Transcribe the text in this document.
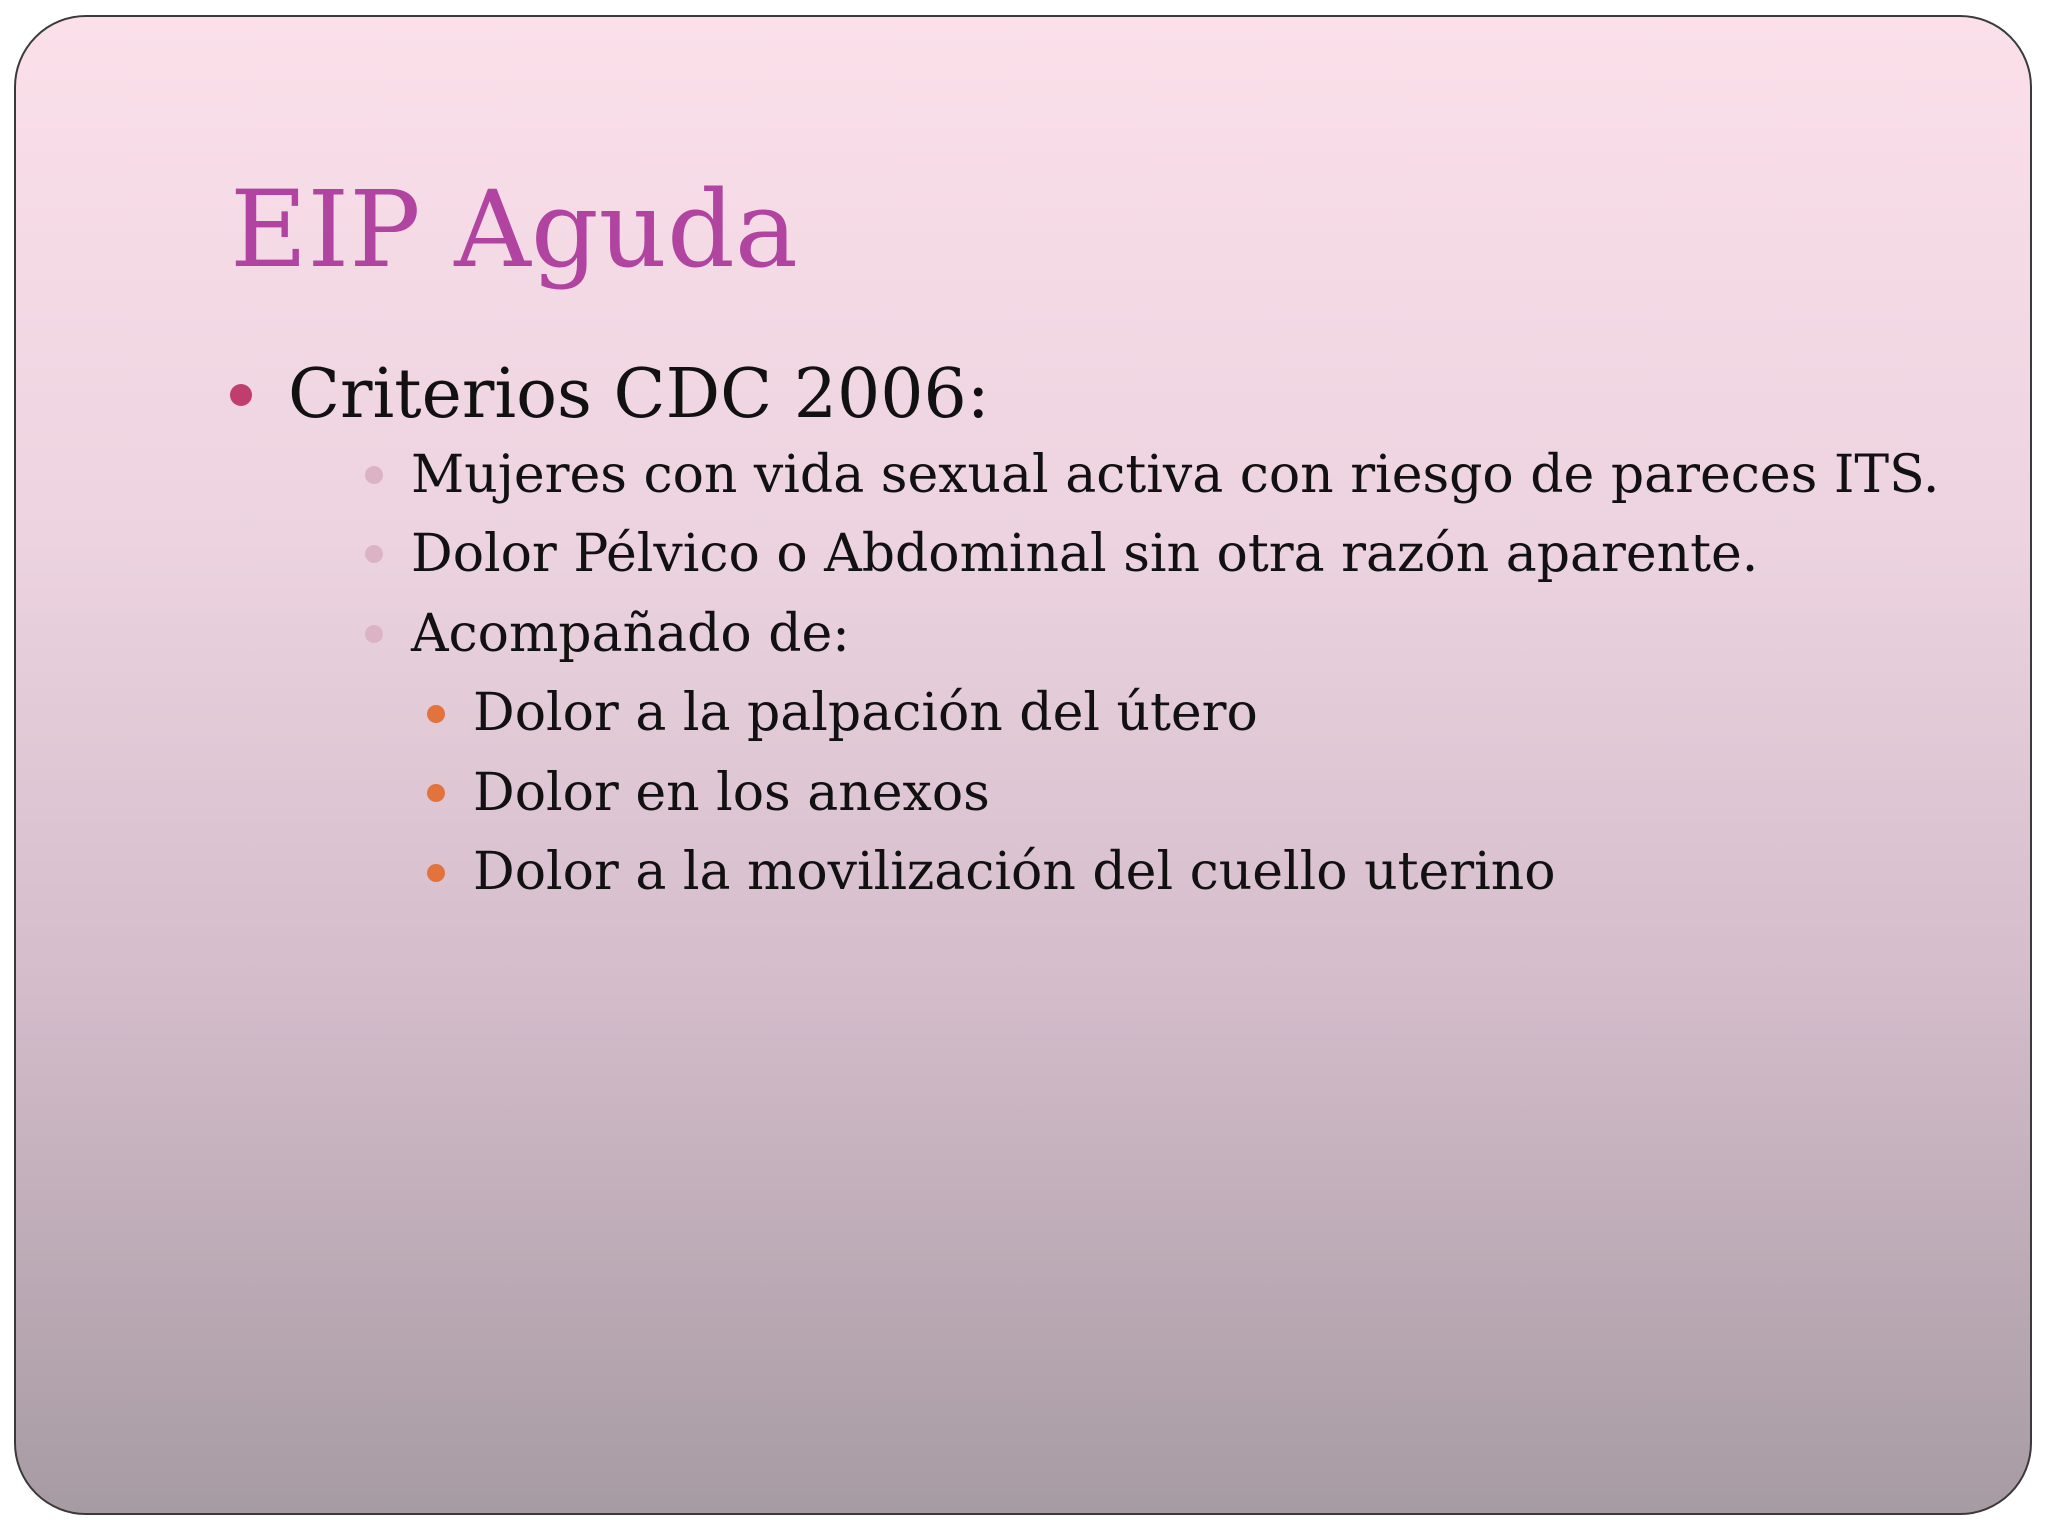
EIP Aguda
Criterios CDC 2006:
Mujeres con vida sexual activa con riesgo de pareces ITS.
Dolor Pélvico o Abdominal sin otra razón aparente.
Acompañado de:
Dolor a la palpación del útero
Dolor en los anexos
Dolor a la movilización del cuello uterino
